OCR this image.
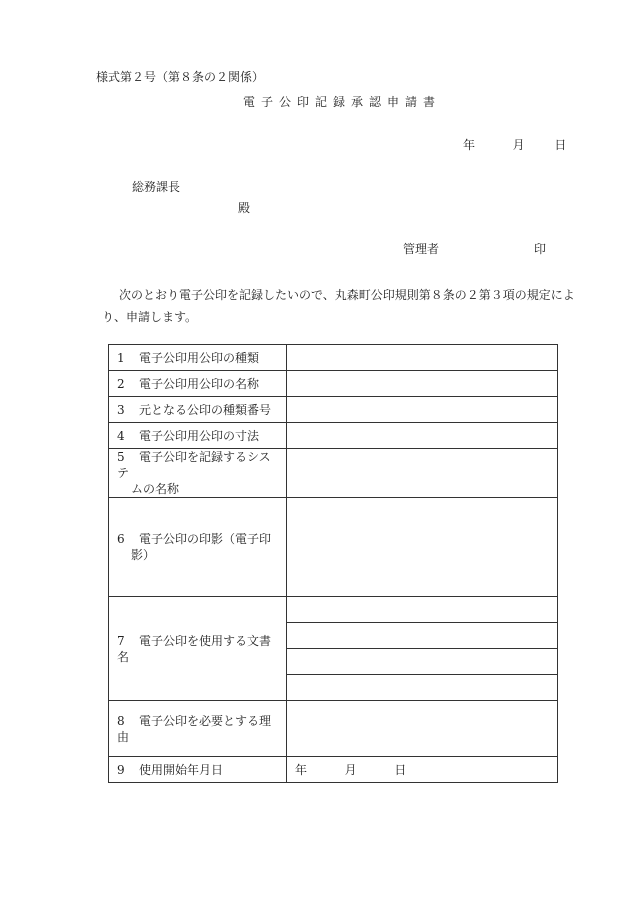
様式第２号（第８条の２関係）
電子公印記録承認申請書
年	月 日
総務課長
殿
管理者	印
次のとおり電子公印を記録したいので、丸森町公印規則第８条の２第３項の規定により、申請します。
1 電子公印用公印の種類	
2 電子公印用公印の名称	
3 元となる公印の種類番号	
4 電子公印用公印の寸法	
5 電子公印を記録するシステ
ムの名称	
6 電子公印の印影（電子印
影）	
7 電子公印を使用する文書名	

8 電子公印を必要とする理由	
9 使用開始年月日	年 月 日
